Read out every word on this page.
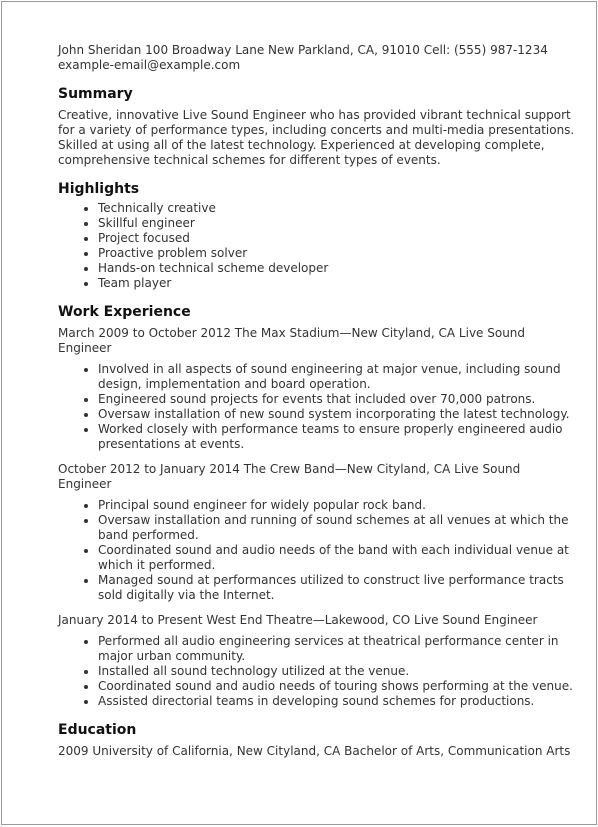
John Sheridan 100 Broadway Lane New Parkland, CA, 91010 Cell: (555) 987-1234 example-email@example.com

Summary

Creative, innovative Live Sound Engineer who has provided vibrant technical support for a variety of performance types, including concerts and multi-media presentations. Skilled at using all of the latest technology. Experienced at developing complete, comprehensive technical schemes for different types of events.

Highlights
• Technically creative
• Skillful engineer
• Project focused
• Proactive problem solver
• Hands-on technical scheme developer
• Team player
Work Experience

March 2009 to October 2012 The Max Stadium—New Cityland, CA Live Sound Engineer

• Involved in all aspects of sound engineering at major venue, including sound design, implementation and board operation.
• Engineered sound projects for events that included over 70,000 patrons.
• Oversaw installation of new sound system incorporating the latest technology.
• Worked closely with performance teams to ensure properly engineered audio presentations at events.

October 2012 to January 2014 The Crew Band—New Cityland, CA Live Sound Engineer

• Principal sound engineer for widely popular rock band.
• Oversaw installation and running of sound schemes at all venues at which the band performed.
• Coordinated sound and audio needs of the band with each individual venue at which it performed.
• Managed sound at performances utilized to construct live performance tracts sold digitally via the Internet.

January 2014 to Present West End Theatre—Lakewood, CO Live Sound Engineer

• Performed all audio engineering services at theatrical performance center in major urban community.
• Installed all sound technology utilized at the venue.
• Coordinated sound and audio needs of touring shows performing at the venue.
• Assisted directorial teams in developing sound schemes for productions.
Education

2009 University of California, New Cityland, CA Bachelor of Arts, Communication Arts
